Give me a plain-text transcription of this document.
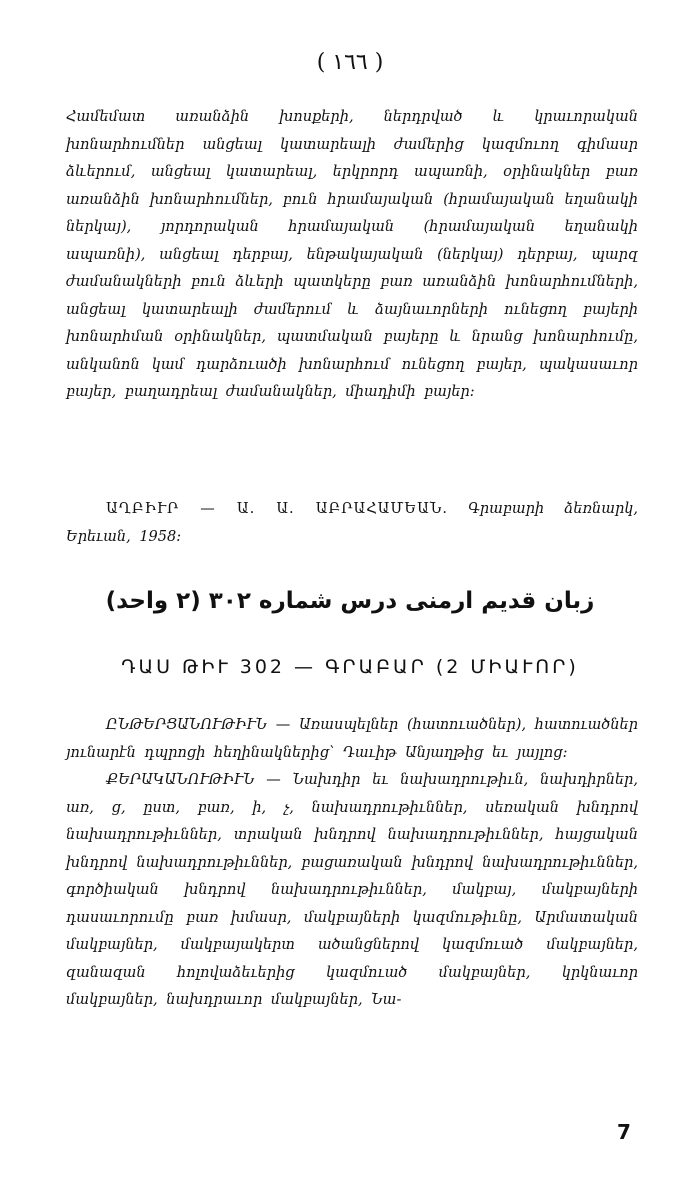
( ١٦٦ )
Համեմատ առանձին խոսքերի, ներդրված և կրաւորական խոնարհումներ անցեալ կատարեալի ժամերից կազմուող գիմասր ձևերում, անցեալ կատարեալ, երկրորդ ապառնի, օրինակներ բառ առանձին խոնարհումներ, բուն հրամայական (հրամայական եղանակի ներկայ), յորդորական հրամայական (հրամայական եղանակի ապառնի), անցեալ դերբայ, ենթակայական (ներկայ) դերբայ, պարզ ժամանակների բուն ձևերի պատկերը բառ առանձին խոնարհումների, անցեալ կատարեալի ժամերում և ձայնաւորների ունեցող բայերի խոնարհման օրինակներ, պատմական բայերը և նրանց խոնարհումը, անկանոն կամ դարձուածի խոնարհում ունեցող բայեր, պակասաւոր բայեր, բաղադրեալ ժամանակներ, միադիմի բայեր:
ԱՂԲԻՒՐ — Ա. Ա. ԱԲՐԱՀԱՄԵԱՆ. Գրաբարի ձեռնարկ, Երեւան, 1958:
زبان قدیم ارمنی درس شماره ٣٠٢ (٢ واحد)
ԴԱՍ ԹԻՒ 302 — ԳՐԱԲԱՐ (2 ՄԻԱՒՈՐ)
ԸՆԹԵՐՑԱՆՈՒԹԻՒՆ — Առասպելներ (հատուածներ), հատուածներ յունարէն դպրոցի հեղինակներից՝ Դաւիթ Անյաղթից եւ յայլոց:
ՔԵՐԱԿԱՆՈՒԹԻՒՆ — Նախդիր եւ նախադրութիւն, նախդիրներ, առ, ց, ըստ, բառ, ի, չ, նախադրութիւններ, սեռական խնդրով նախադրութիւններ, տրական խնդրով նախադրութիւններ, հայցական խնդրով նախադրութիւններ, բացառական խնդրով նախադրութիւններ, գործիական խնդրով նախադրութիւններ, մակբայ, մակբայների դասաւորումը բառ խմասր, մակբայների կազմութիւնը, Արմատական մակբայներ, մակբայակերտ ածանցներով կազմուած մակբայներ, զանազան հոլովաձեւերից կազմուած մակբայներ, կրկնաւոր մակբայներ, նախդրաւոր մակբայներ, Նա-
7
